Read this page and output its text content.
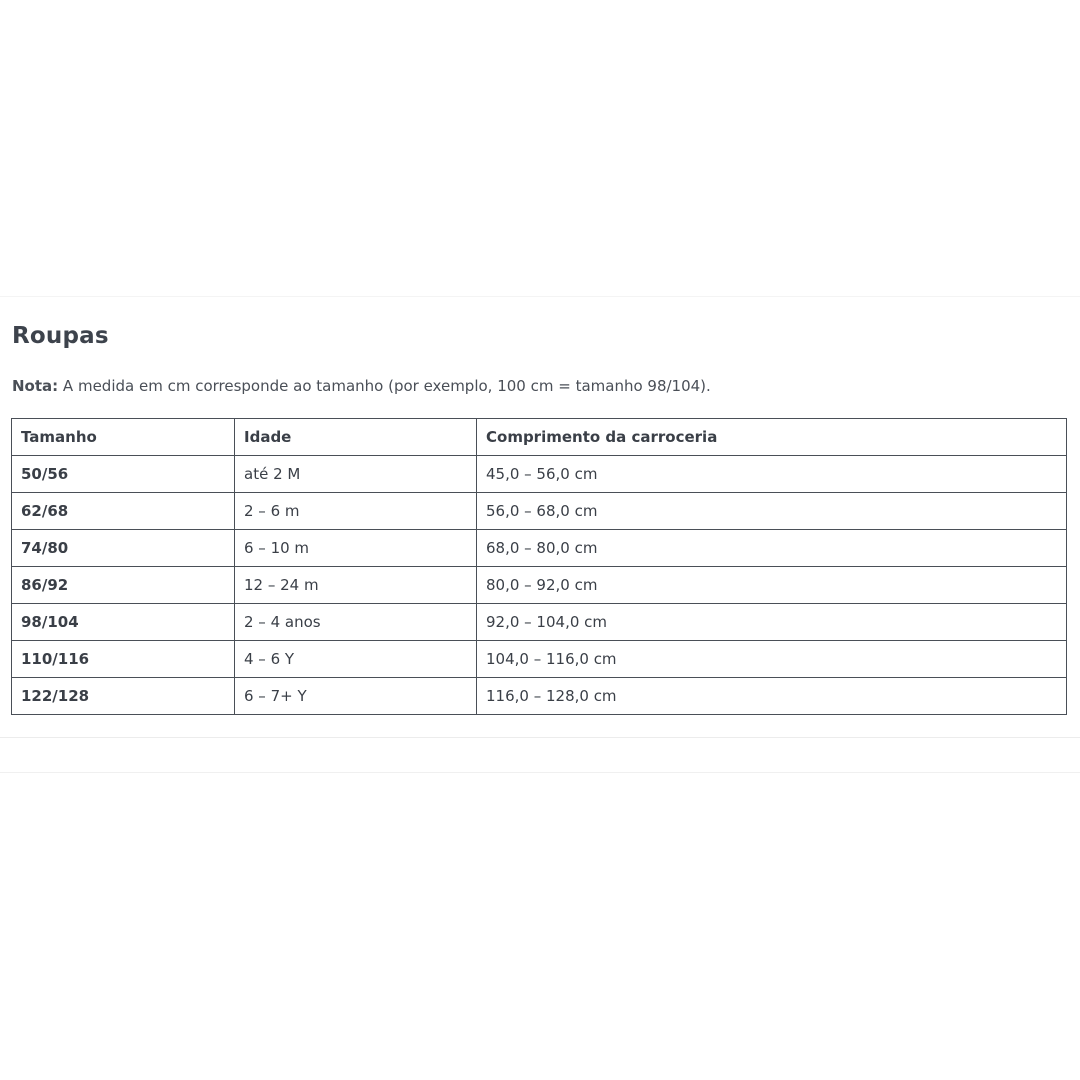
Roupas
Nota: A medida em cm corresponde ao tamanho (por exemplo, 100 cm = tamanho 98/104).
Tamanho	Idade	Comprimento da carroceria
50/56	até 2 M	45,0 – 56,0 cm
62/68	2 – 6 m	56,0 – 68,0 cm
74/80	6 – 10 m	68,0 – 80,0 cm
86/92	12 – 24 m	80,0 – 92,0 cm
98/104	2 – 4 anos	92,0 – 104,0 cm
110/116	4 – 6 Y	104,0 – 116,0 cm
122/128	6 – 7+ Y	116,0 – 128,0 cm
